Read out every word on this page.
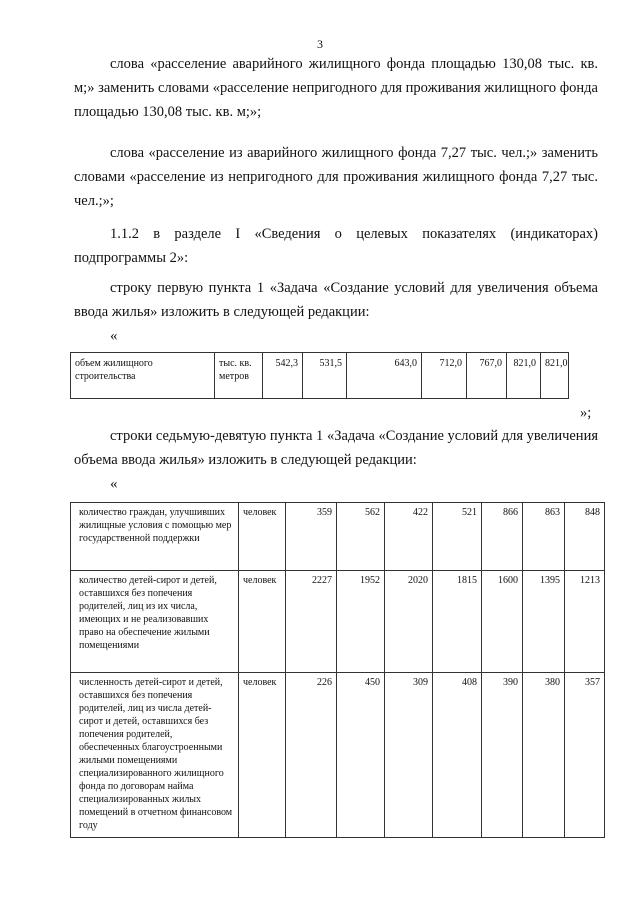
3

слова «расселение аварийного жилищного фонда площадью 130,08 тыс. кв. м;» заменить словами «расселение непригодного для проживания жилищного фонда площадью 130,08 тыс. кв. м;»;

слова «расселение из аварийного жилищного фонда 7,27 тыс. чел.;» заменить словами «расселение из непригодного для проживания жилищного фонда 7,27 тыс. чел.;»;

1.1.2 в разделе I «Сведения о целевых показателях (индикаторах) подпрограммы 2»:

строку первую пункта 1 «Задача «Создание условий для увеличения объема ввода жилья» изложить в следующей редакции:

«
объем жилищного строительства	тыс. кв. метров	542,3	531,5	643,0	712,0	767,0	821,0	821,0
»;

строки седьмую-девятую пункта 1 «Задача «Создание условий для увеличения объема ввода жилья» изложить в следующей редакции:

«
количество граждан, улучшивших жилищные условия с помощью мер государственной поддержки	человек	359	562	422	521	866	863	848
количество детей-сирот и детей, оставшихся без попечения родителей, лиц из их числа, имеющих и не реализовавших право на обеспечение жилыми помещениями	человек	2227	1952	2020	1815	1600	1395	1213
численность детей-сирот и детей, оставшихся без попечения родителей, лиц из числа детей-сирот и детей, оставшихся без попечения родителей, обеспеченных благоустроенными жилыми помещениями специализированного жилищного фонда по договорам найма специализированных жилых помещений в отчетном финансовом году	человек	226	450	309	408	390	380	357
